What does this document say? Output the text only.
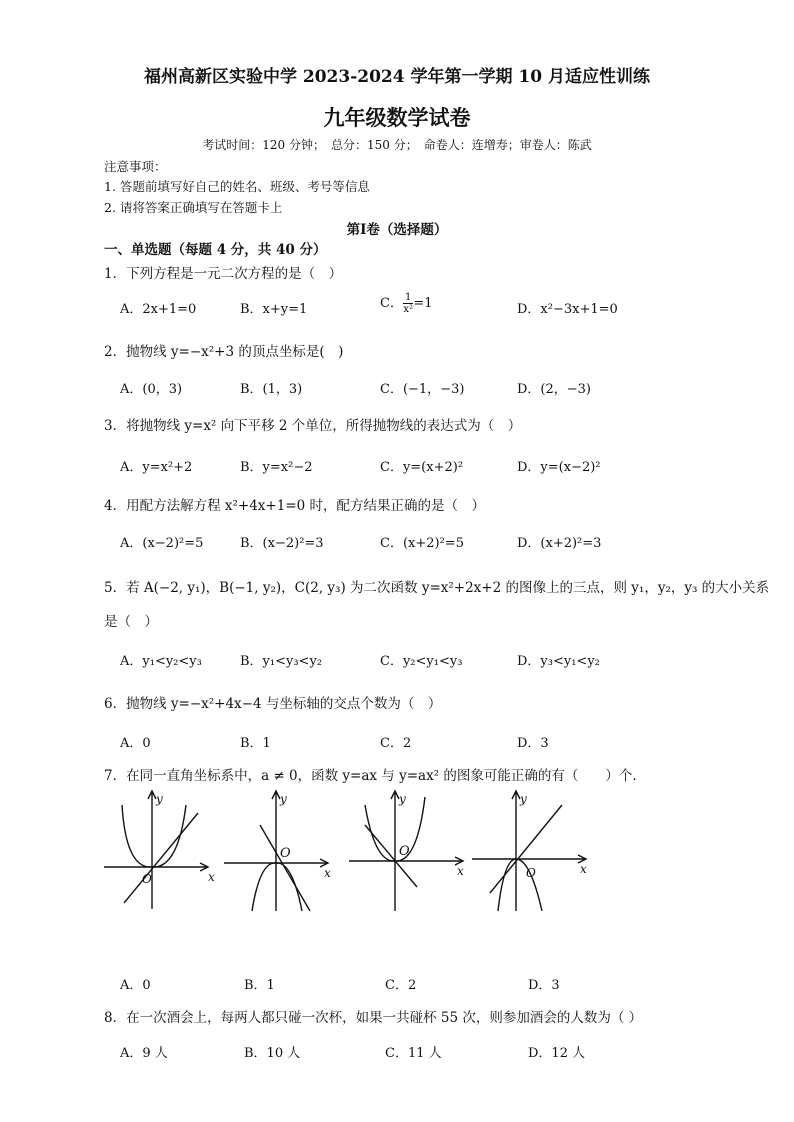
福州高新区实验中学 2023-2024 学年第一学期 10 月适应性训练
九年级数学试卷
考试时间：120 分钟；　总分：150 分；　命卷人：连增寿；审卷人：陈武
注意事项：
1. 答题前填写好自己的姓名、班级、考号等信息
2. 请将答案正确填写在答题卡上
第Ⅰ卷（选择题）
一、单选题（每题 4 分，共 40 分）
1．下列方程是一元二次方程的是（　）
A．2x+1=0	B．x+y=1	C． $\frac{1}{\text{x²}} =1$	D．x²−3x+1=0
2．抛物线 y=−x²+3 的顶点坐标是(　)
A．(0，3)	B．(1，3)	C．(−1，−3)	D．(2，−3)
3．将抛物线 y=x² 向下平移 2 个单位，所得抛物线的表达式为（　）
A．y=x²+2	B．y=x²−2	C．y=(x+2)²	D．y=(x−2)²
4．用配方法解方程 x²+4x+1=0 时，配方结果正确的是（　）
A．(x−2)²=5	B．(x−2)²=3	C．(x+2)²=5	D．(x+2)²=3
5．若 A(−2, y₁)，B(−1, y₂)，C(2, y₃) 为二次函数 y=x²+2x+2 的图像上的三点，则 y₁，y₂，y₃ 的大小关系
是（　）
A．y₁<y₂<y₃	B．y₁<y₃<y₂	C．y₂<y₁<y₃	D．y₃<y₁<y₂
6．抛物线 y=−x²+4x−4 与坐标轴的交点个数为（　）
A．0	B．1	C．2	D．3
7．在同一直角坐标系中，a ≠ 0，函数 y=ax 与 y=ax² 的图象可能正确的有（　　）个.
y
x
O
y
x
O
y
x
O
y
x
O
A．0	B．1	C．2	D．3
8．在一次酒会上，每两人都只碰一次杯，如果一共碰杯 55 次，则参加酒会的人数为（ ）
A．9 人	B．10 人	C．11 人	D．12 人
